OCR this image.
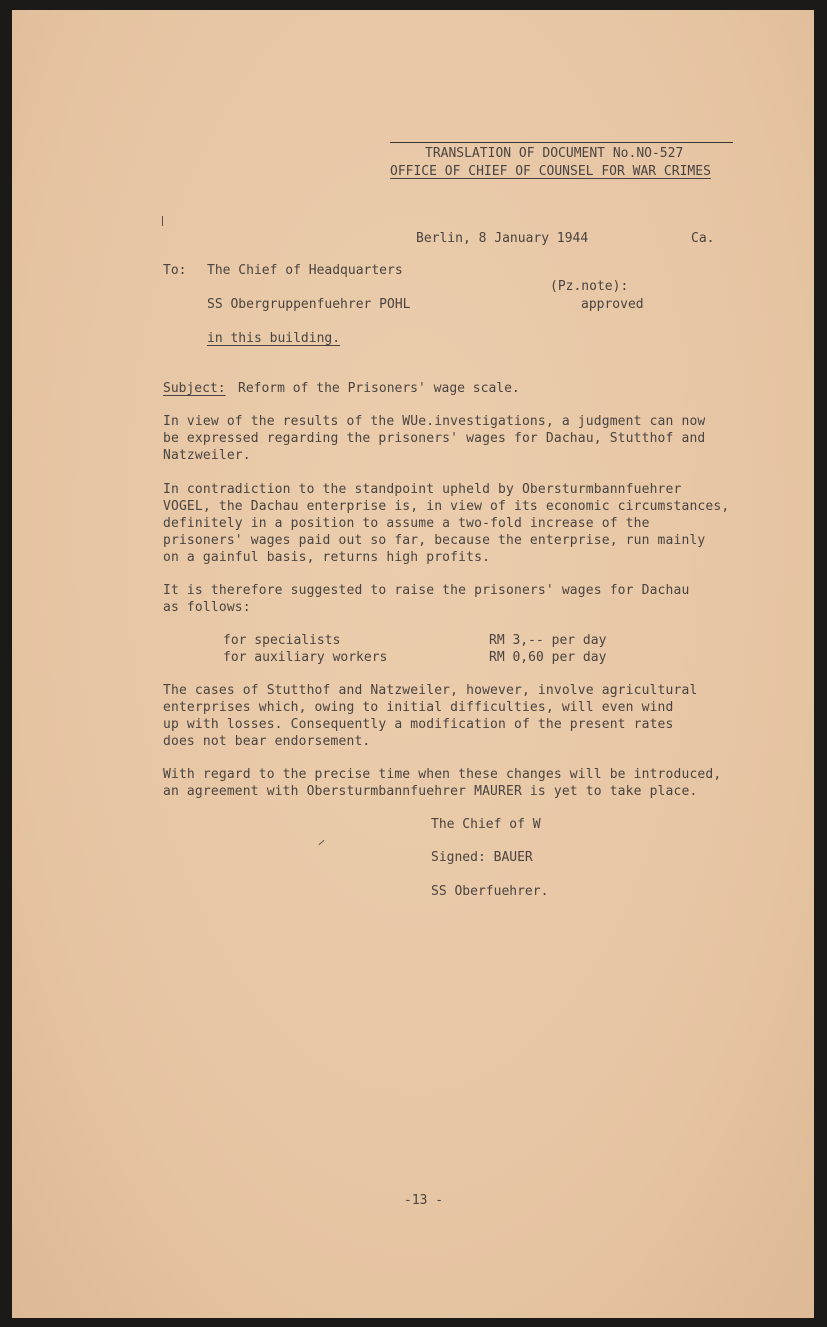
TRANSLATION OF DOCUMENT No.NO-527

OFFICE OF CHIEF OF COUNSEL FOR WAR CRIMES

Berlin, 8 January 1944	Ca.

To: The Chief of Headquarters

(Pz.note):

SS Obergruppenfuehrer POHL	approved

in this building.

Subject: Reform of the Prisoners' wage scale.

In view of the results of the WUe.investigations, a judgment can now

be expressed regarding the prisoners' wages for Dachau, Stutthof and

Natzweiler.

In contradiction to the standpoint upheld by Obersturmbannfuehrer

VOGEL, the Dachau enterprise is, in view of its economic circumstances,

definitely in a position to assume a two-fold increase of the

prisoners' wages paid out so far, because the enterprise, run mainly

on a gainful basis, returns high profits.

It is therefore suggested to raise the prisoners' wages for Dachau

as follows:

for specialists	RM 3,-- per day

for auxiliary workers	RM 0,60 per day

The cases of Stutthof and Natzweiler, however, involve agricultural

enterprises which, owing to initial difficulties, will even wind

up with losses. Consequently a modification of the present rates

does not bear endorsement.

With regard to the precise time when these changes will be introduced,

an agreement with Obersturmbannfuehrer MAURER is yet to take place.

The Chief of W

Signed: BAUER

SS Oberfuehrer.

-13 -
